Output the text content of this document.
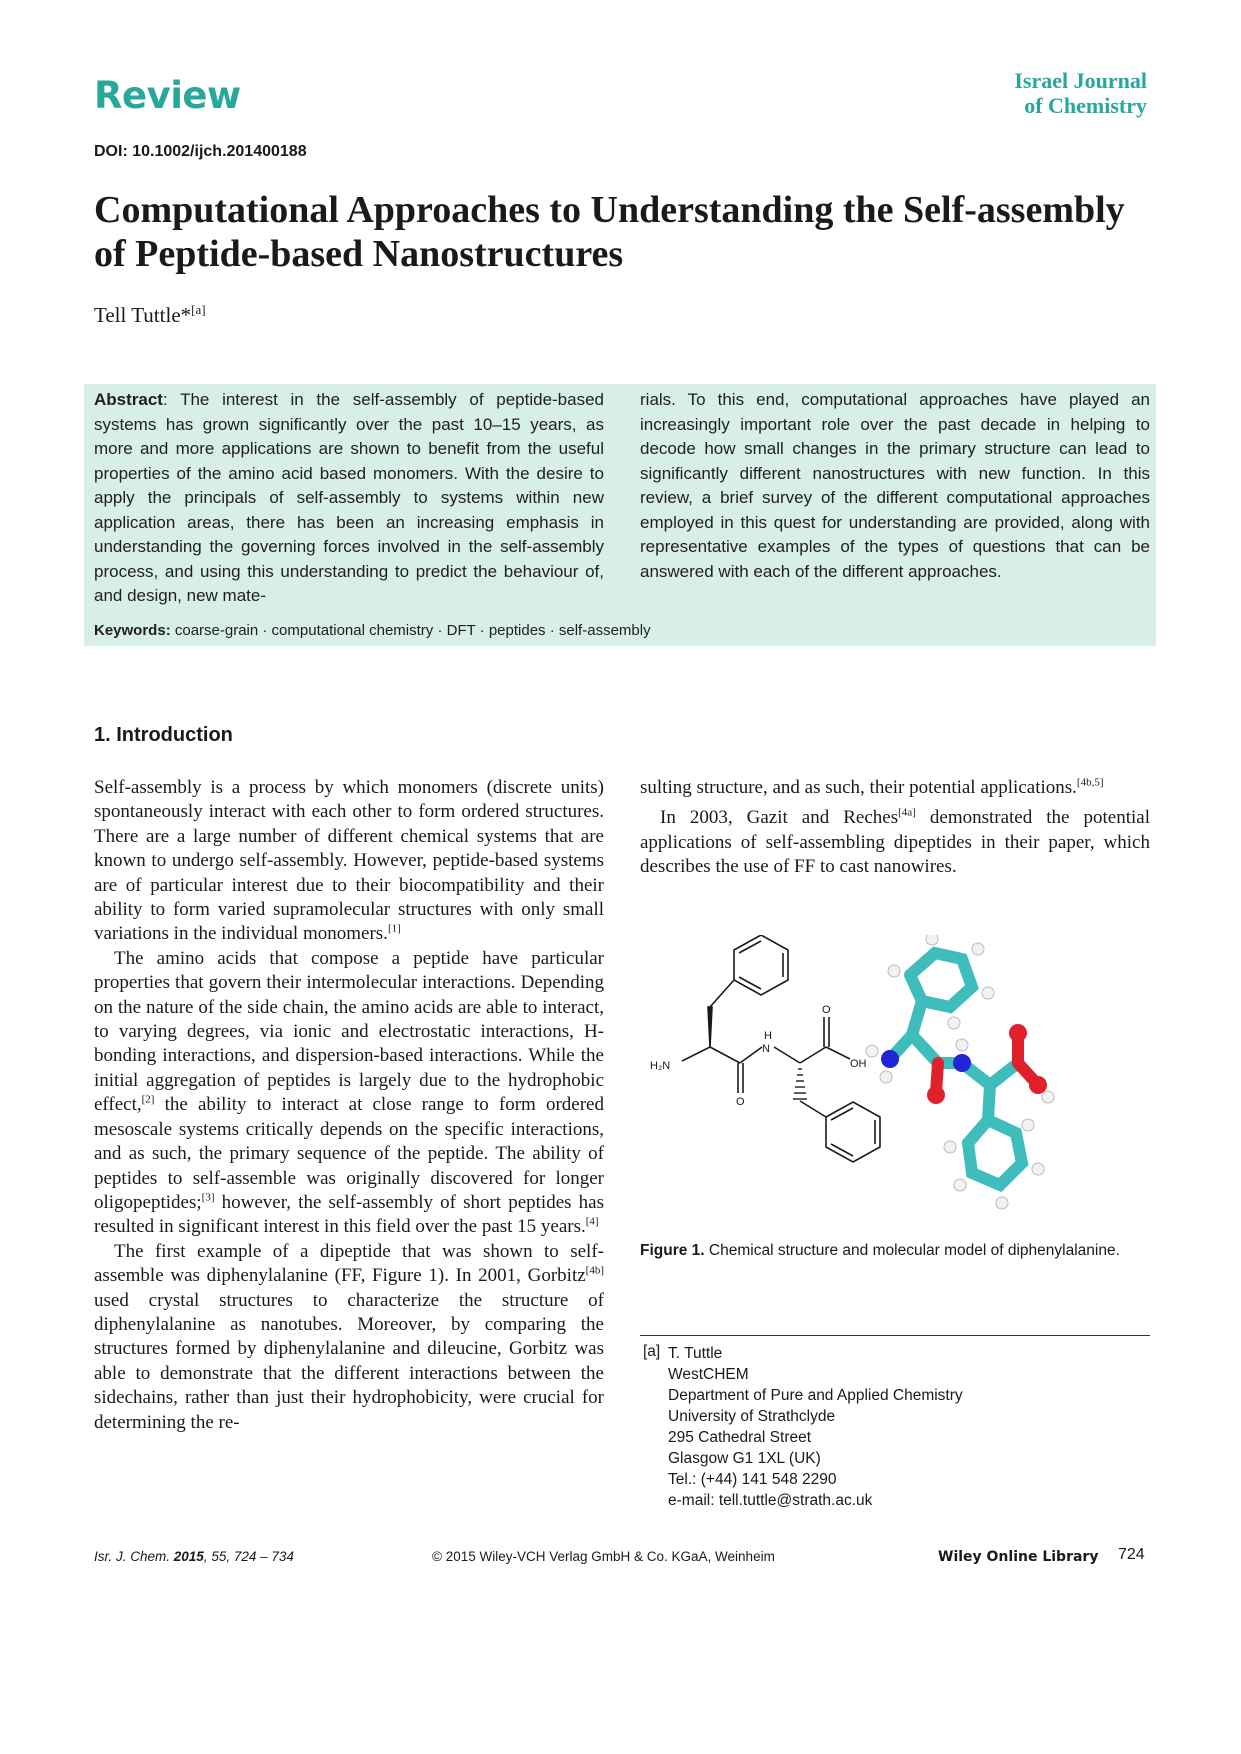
Review	Israel Journal
of Chemistry
DOI: 10.1002/ijch.201400188
Computational Approaches to Understanding the Self-assembly of Peptide-based Nanostructures
Tell Tuttle*[a]
Abstract: The interest in the self-assembly of peptide-based systems has grown significantly over the past 10–15 years, as more and more applications are shown to benefit from the useful properties of the amino acid based monomers. With the desire to apply the principals of self-assembly to systems within new application areas, there has been an increasing emphasis in understanding the governing forces involved in the self-assembly process, and using this understanding to predict the behaviour of, and design, new mate-
rials. To this end, computational approaches have played an increasingly important role over the past decade in helping to decode how small changes in the primary structure can lead to significantly different nanostructures with new function. In this review, a brief survey of the different computational approaches employed in this quest for understanding are provided, along with representative examples of the types of questions that can be answered with each of the different approaches.
Keywords: coarse-grain · computational chemistry · DFT · peptides · self-assembly
1. Introduction

Self-assembly is a process by which monomers (discrete units) spontaneously interact with each other to form ordered structures. There are a large number of different chemical systems that are known to undergo self-assembly. However, peptide-based systems are of particular interest due to their biocompatibility and their ability to form varied supramolecular structures with only small variations in the individual monomers.[1]

The amino acids that compose a peptide have particular properties that govern their intermolecular interactions. Depending on the nature of the side chain, the amino acids are able to interact, to varying degrees, via ionic and electrostatic interactions, H-bonding interactions, and dispersion-based interactions. While the initial aggregation of peptides is largely due to the hydrophobic effect,[2] the ability to interact at close range to form ordered mesoscale systems critically depends on the specific interactions, and as such, the primary sequence of the peptide. The ability of peptides to self-assemble was originally discovered for longer oligopeptides;[3] however, the self-assembly of short peptides has resulted in significant interest in this field over the past 15 years.[4]

The first example of a dipeptide that was shown to self-assemble was diphenylalanine (FF, Figure 1). In 2001, Gorbitz[4b] used crystal structures to characterize the structure of diphenylalanine as nanotubes. Moreover, by comparing the structures formed by diphenylalanine and dileucine, Gorbitz was able to demonstrate that the different interactions between the sidechains, rather than just their hydrophobicity, were crucial for determining the re-

sulting structure, and as such, their potential applications.[4b,5]

In 2003, Gazit and Reches[4a] demonstrated the potential applications of self-assembling dipeptides in their paper, which describes the use of FF to cast nanowires.

H₂N
H
N
O
O
OH
Figure 1. Chemical structure and molecular model of diphenylalanine.
[a] T. Tuttle
WestCHEM
Department of Pure and Applied Chemistry
University of Strathclyde
295 Cathedral Street
Glasgow G1 1XL (UK)
Tel.: (+44) 141 548 2290
e-mail: tell.tuttle@strath.ac.uk
Isr. J. Chem. 2015, 55, 724 – 734	© 2015 Wiley-VCH Verlag GmbH & Co. KGaA, Weinheim	Wiley Online Library 724
